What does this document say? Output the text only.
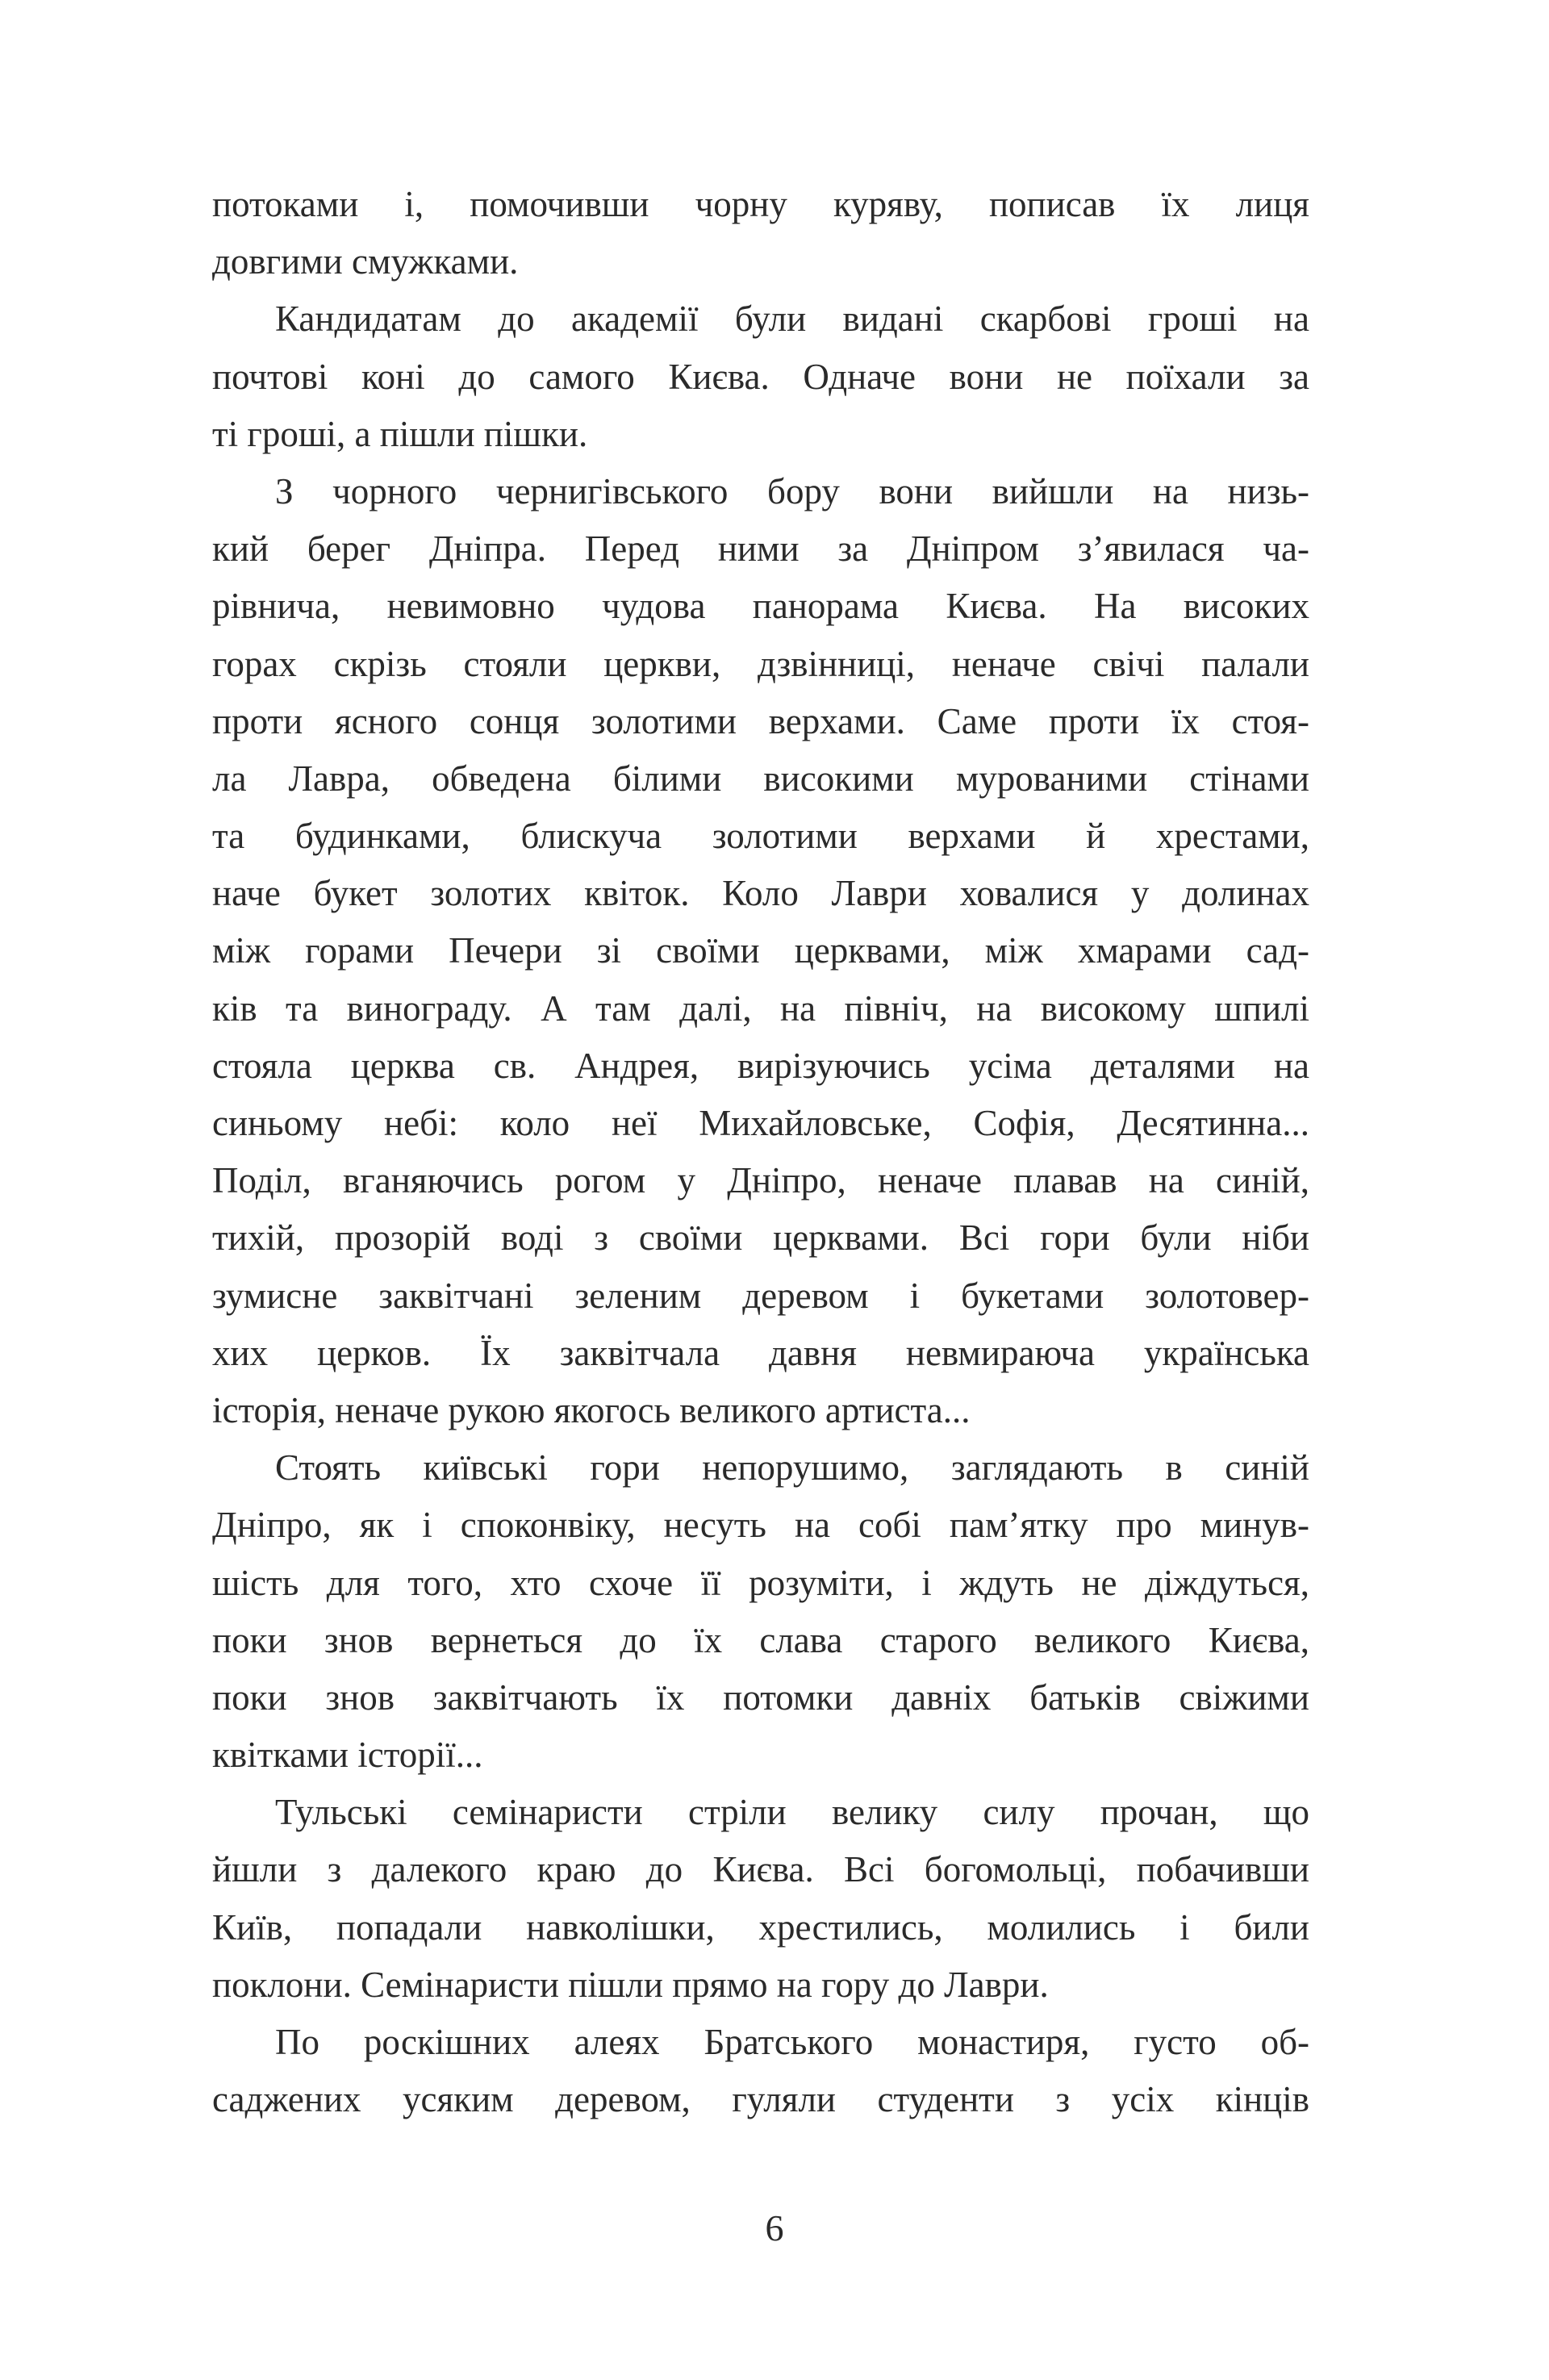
потоками і, помочивши чорну куряву, пописав їх лиця
довгими смужками.
Кандидатам до академії були видані скарбові гроші на
почтові коні до самого Києва. Одначе вони не поїхали за
ті гроші, а пішли пішки.
З чорного чернигівського бору вони вийшли на низь-
кий берег Дніпра. Перед ними за Дніпром з’явилася ча-
рівнича, невимовно чудова панорама Києва. На високих
горах скрізь стояли церкви, дзвінниці, неначе свічі палали
проти ясного сонця золотими верхами. Саме проти їх стоя-
ла Лавра, обведена білими високими мурованими стінами
та будинками, блискуча золотими верхами й хрестами,
наче букет золотих квіток. Коло Лаври ховалися у долинах
між горами Печери зі своїми церквами, між хмарами сад-
ків та винограду. А там далі, на північ, на високому шпилі
стояла церква св. Андрея, вирізуючись усіма деталями на
синьому небі: коло неї Михайловське, Софія, Десятинна...
Поділ, вганяючись рогом у Дніпро, неначе плавав на синій,
тихій, прозорій воді з своїми церквами. Всі гори були ніби
зумисне заквітчані зеленим деревом і букетами золотовер-
хих церков. Їх заквітчала давня невмираюча українська
історія, неначе рукою якогось великого артиста...
Стоять київські гори непорушимо, заглядають в синій
Дніпро, як і споконвіку, несуть на собі пам’ятку про минув-
шість для того, хто схоче її розуміти, і ждуть не діждуться,
поки знов вернеться до їх слава старого великого Києва,
поки знов заквітчають їх потомки давніх батьків свіжими
квітками історії...
Тульські семінаристи стріли велику силу прочан, що
йшли з далекого краю до Києва. Всі богомольці, побачивши
Київ, попадали навколішки, хрестились, молились і били
поклони. Семінаристи пішли прямо на гору до Лаври.
По роскішних алеях Братського монастиря, густо об-
саджених усяким деревом, гуляли студенти з усіх кінців
6
